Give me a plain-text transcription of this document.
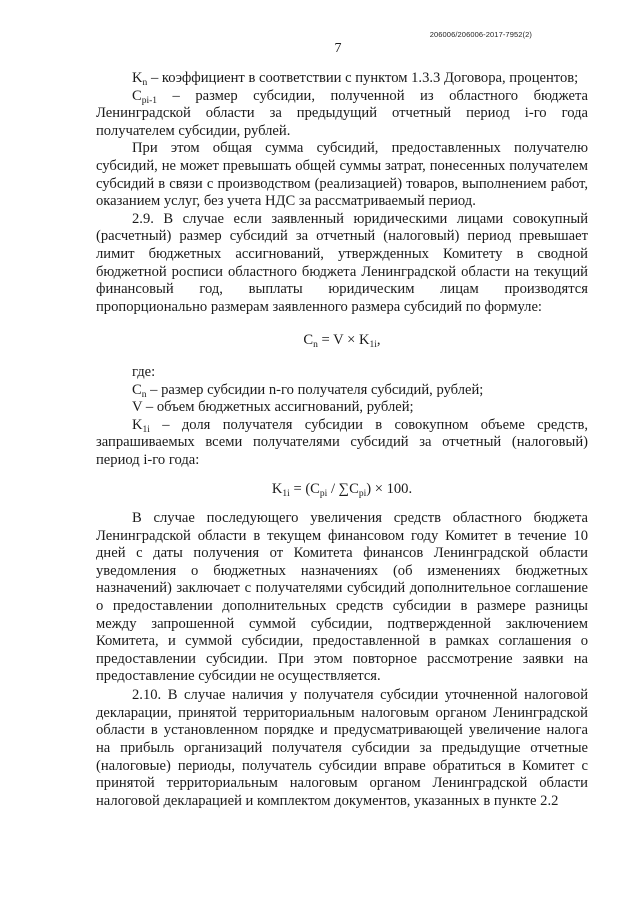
206006/206006-2017-7952(2)
7

$K_n$ – коэффициент в соответствии с пунктом 1.3.3 Договора, процентов;

$C_{pi-1}$ – размер субсидии, полученной из областного бюджета Ленинградской области за предыдущий отчетный период i-го года получателем субсидии, рублей.

При этом общая сумма субсидий, предоставленных получателю субсидий, не может превышать общей суммы затрат, понесенных получателем субсидий в связи с производством (реализацией) товаров, выполнением работ, оказанием услуг, без учета НДС за рассматриваемый период.

2.9. В случае если заявленный юридическими лицами совокупный (расчетный) размер субсидий за отчетный (налоговый) период превышает лимит бюджетных ассигнований, утвержденных Комитету в сводной бюджетной росписи областного бюджета Ленинградской области на текущий финансовый год, выплаты юридическим лицам производятся пропорционально размерам заявленного размера субсидий по формуле:

$C_n = V \times K_{1i}$,

где:

$C_n$ – размер субсидии n-го получателя субсидий, рублей;

V – объем бюджетных ассигнований, рублей;

$K_{1i}$ – доля получателя субсидии в совокупном объеме средств, запрашиваемых всеми получателями субсидий за отчетный (налоговый) период i-го года:

$K_{1i} = (C_{pi} / \sum C_{pi}) \times 100$.

В случае последующего увеличения средств областного бюджета Ленинградской области в текущем финансовом году Комитет в течение 10 дней с даты получения от Комитета финансов Ленинградской области уведомления о бюджетных назначениях (об изменениях бюджетных назначений) заключает с получателями субсидий дополнительное соглашение о предоставлении дополнительных средств субсидии в размере разницы между запрошенной суммой субсидии, подтвержденной заключением Комитета, и суммой субсидии, предоставленной в рамках соглашения о предоставлении субсидии. При этом повторное рассмотрение заявки на предоставление субсидии не осуществляется.

2.10. В случае наличия у получателя субсидии уточненной налоговой декларации, принятой территориальным налоговым органом Ленинградской области в установленном порядке и предусматривающей увеличение налога на прибыль организаций получателя субсидии за предыдущие отчетные (налоговые) периоды, получатель субсидии вправе обратиться в Комитет с принятой территориальным налоговым органом Ленинградской области налоговой декларацией и комплектом документов, указанных в пункте 2.2
